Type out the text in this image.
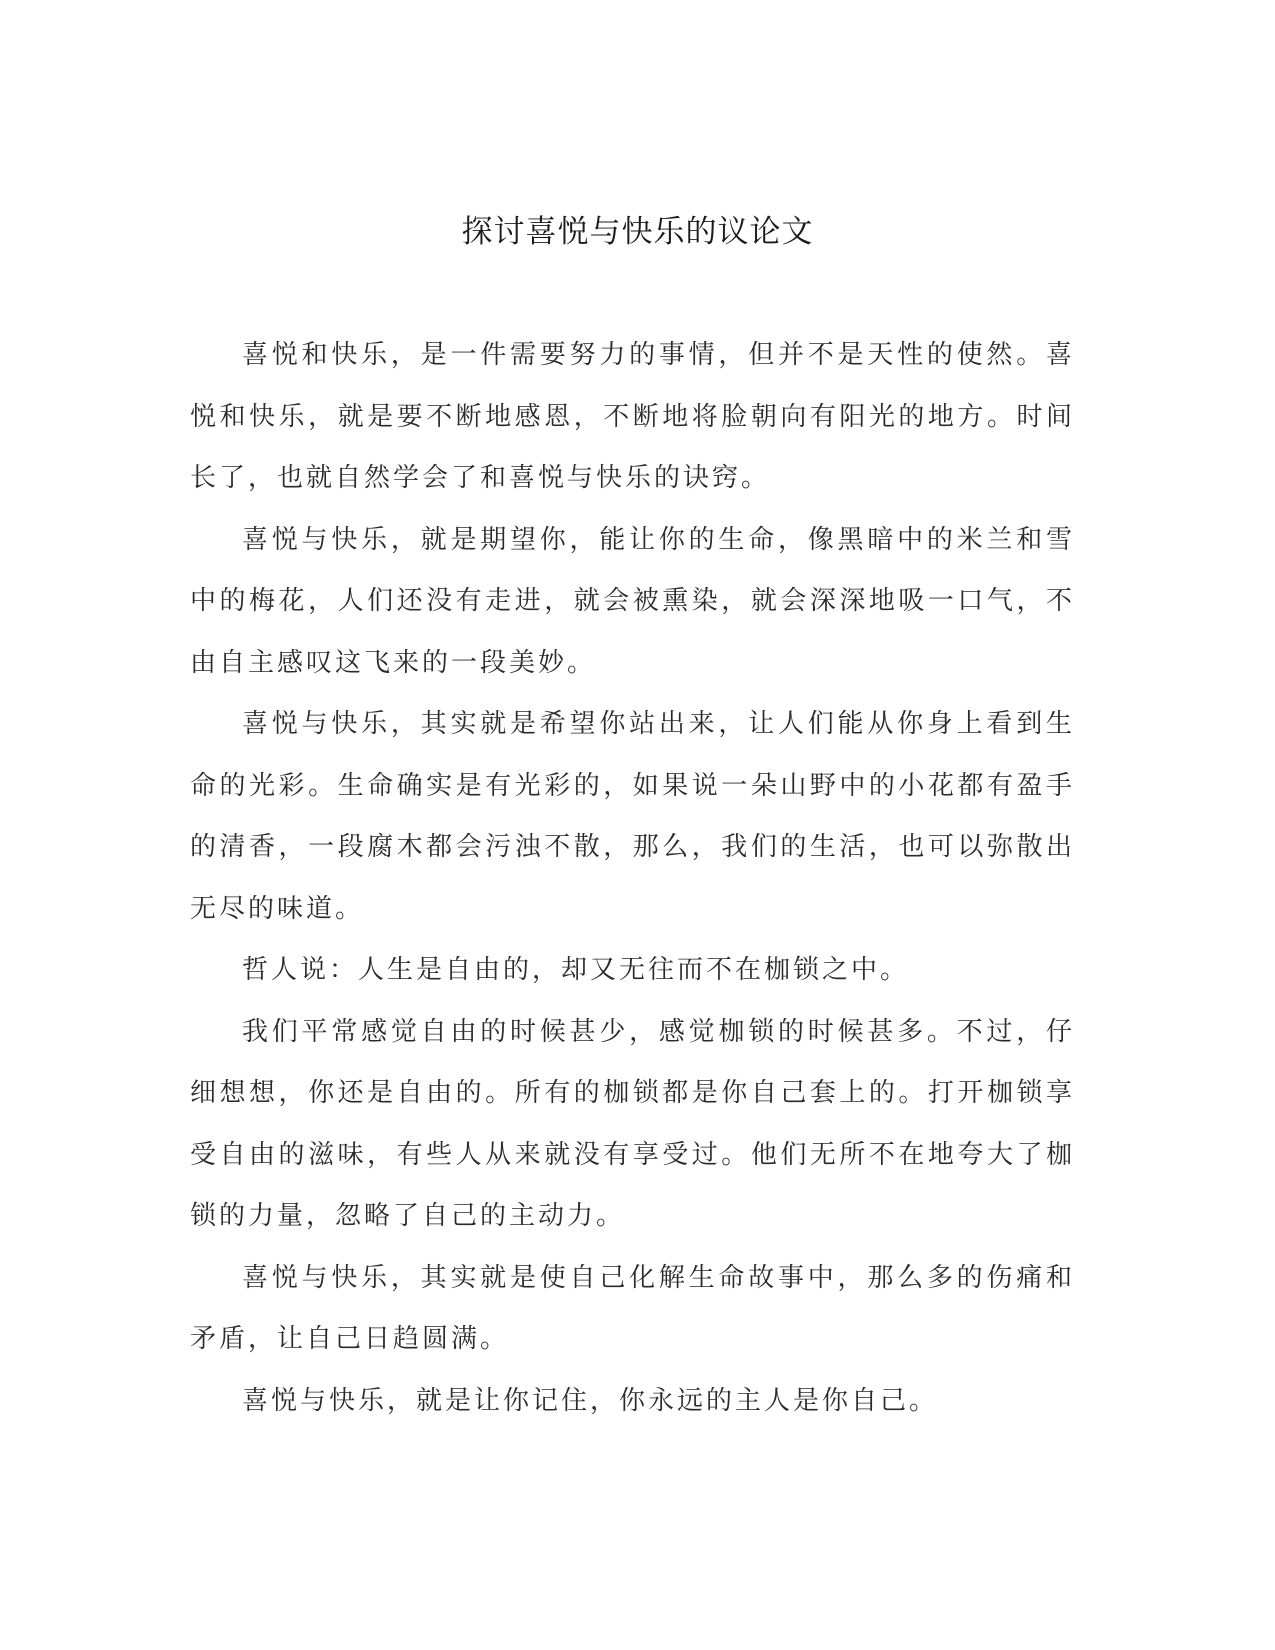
探讨喜悦与快乐的议论文

喜悦和快乐，是一件需要努力的事情，但并不是天性的使然。喜悦和快乐，就是要不断地感恩，不断地将脸朝向有阳光的地方。时间长了，也就自然学会了和喜悦与快乐的诀窍。

喜悦与快乐，就是期望你，能让你的生命，像黑暗中的米兰和雪中的梅花，人们还没有走进，就会被熏染，就会深深地吸一口气，不由自主感叹这飞来的一段美妙。

喜悦与快乐，其实就是希望你站出来，让人们能从你身上看到生命的光彩。生命确实是有光彩的，如果说一朵山野中的小花都有盈手的清香，一段腐木都会污浊不散，那么，我们的生活，也可以弥散出无尽的味道。

哲人说：人生是自由的，却又无往而不在枷锁之中。

我们平常感觉自由的时候甚少，感觉枷锁的时候甚多。不过，仔细想想，你还是自由的。所有的枷锁都是你自己套上的。打开枷锁享受自由的滋味，有些人从来就没有享受过。他们无所不在地夸大了枷锁的力量，忽略了自己的主动力。

喜悦与快乐，其实就是使自己化解生命故事中，那么多的伤痛和矛盾，让自己日趋圆满。

喜悦与快乐，就是让你记住，你永远的主人是你自己。
